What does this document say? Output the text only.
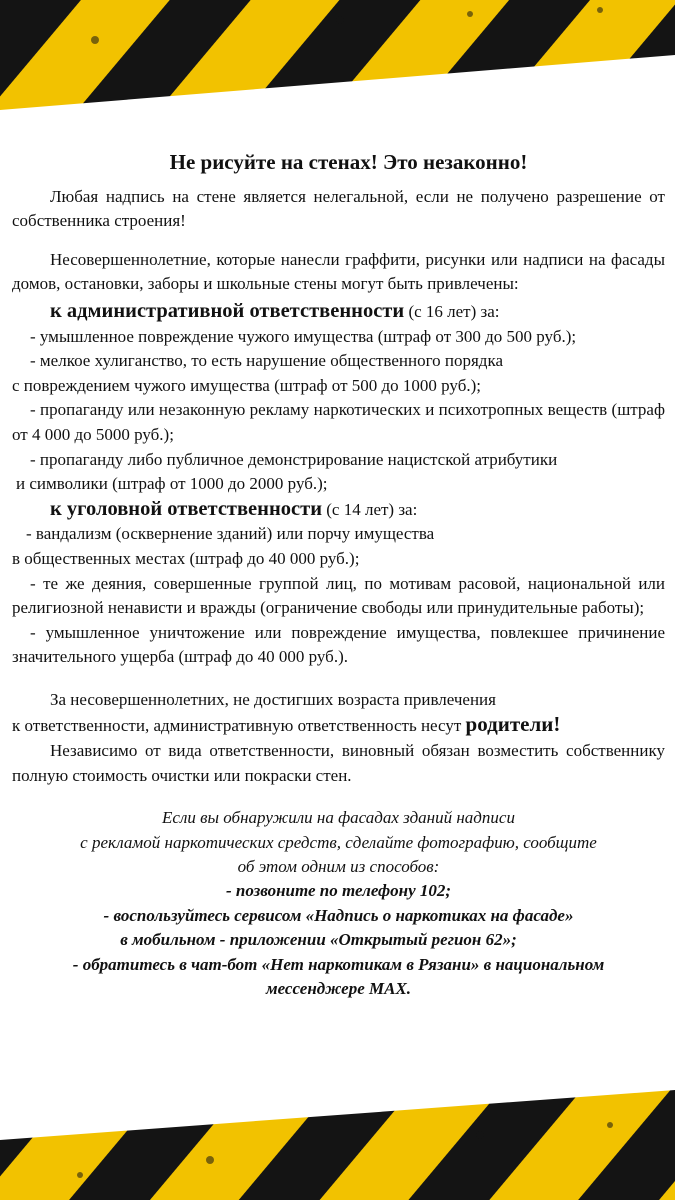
Не рисуйте на стенах! Это незаконно!

Любая надпись на стене является нелегальной, если не получено разрешение от собственника строения!

Несовершеннолетние, которые нанесли граффити, рисунки или надписи на фасады домов, остановки, заборы и школьные стены могут быть привлечены:

к административной ответственности (с 16 лет) за:

- умышленное повреждение чужого имущества (штраф от 300 до 500 руб.);

- мелкое хулиганство, то есть нарушение общественного порядка

с повреждением чужого имущества (штраф от 500 до 1000 руб.);

- пропаганду или незаконную рекламу наркотических и психотропных веществ (штраф от 4 000 до 5000 руб.);

- пропаганду либо публичное демонстрирование нацистской атрибутики

и символики (штраф от 1000 до 2000 руб.);

к уголовной ответственности (с 14 лет) за:

- вандализм (осквернение зданий) или порчу имущества

в общественных местах (штраф до 40 000 руб.);

- те же деяния, совершенные группой лиц, по мотивам расовой, национальной или религиозной ненависти и вражды (ограничение свободы или принудительные работы);

- умышленное уничтожение или повреждение имущества, повлекшее причинение значительного ущерба (штраф до 40 000 руб.).

За несовершеннолетних, не достигших возраста привлечения

к ответственности, административную ответственность несут родители!

Независимо от вида ответственности, виновный обязан возместить собственнику полную стоимость очистки или покраски стен.

Если вы обнаружили на фасадах зданий надписи
с рекламой наркотических средств, сделайте фотографию, сообщите
об этом одним из способов:
- позвоните по телефону 102;
- воспользуйтесь сервисом «Надпись о наркотиках на фасаде»
в мобильном - приложении «Открытый регион 62»;
- обратитесь в чат-бот «Нет наркотикам в Рязани» в национальном
мессенджере MAX.
